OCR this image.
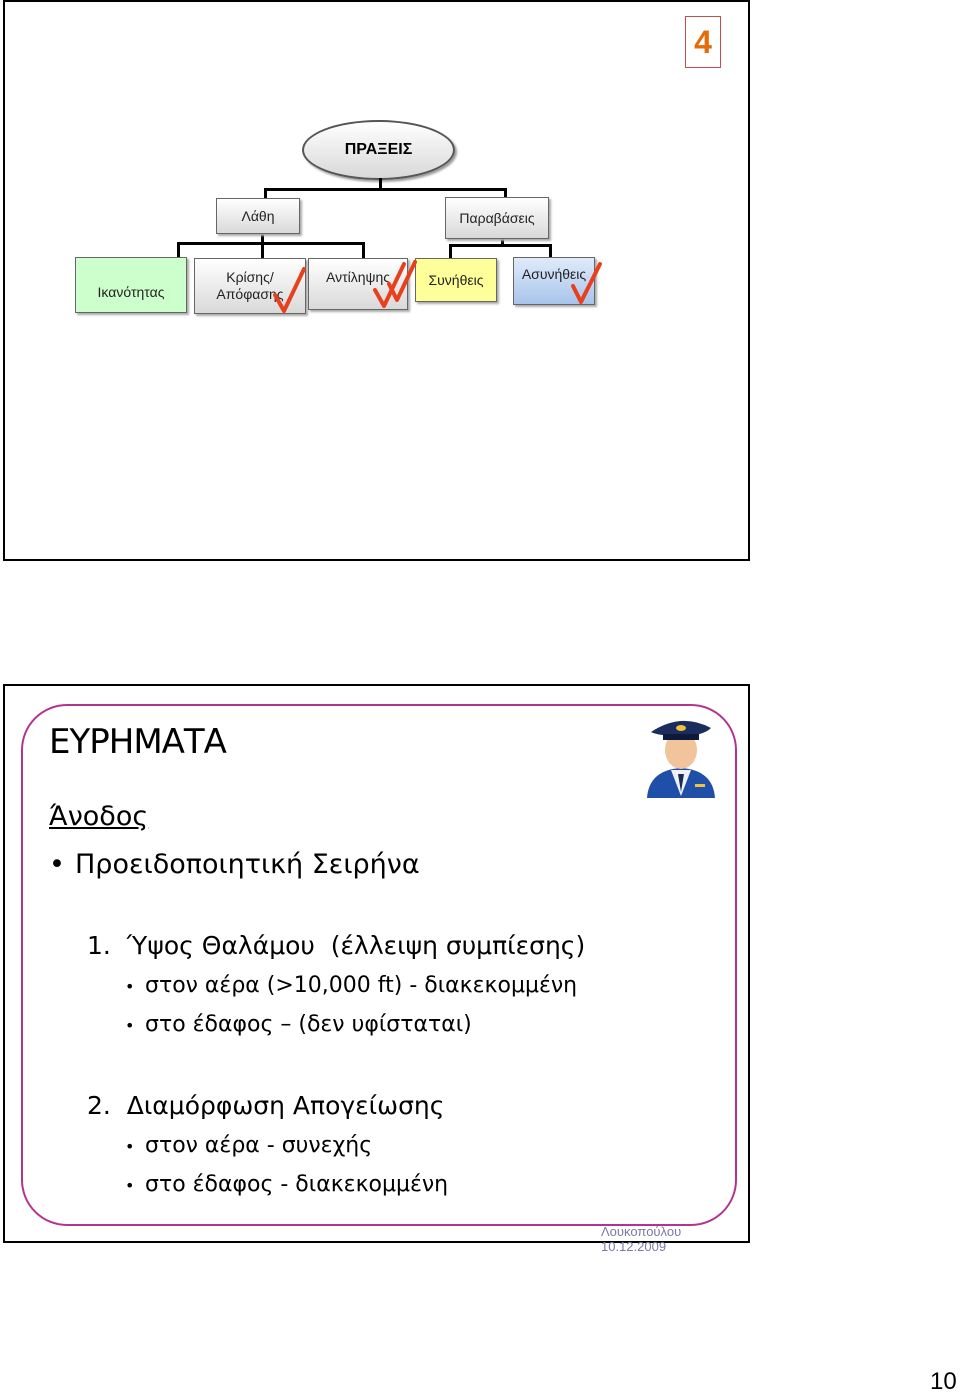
4
ΠΡΑΞΕΙΣ
Λάθη	Παραβάσεις
Ικανότητας
Κρίσης/ Απόφασης
Αντίληψης	Συνήθεις	Ασυνήθεις
ΕΥΡΗΜΑΤΑ
Άνοδος
• Προειδοποιητική Σειρήνα
1.  Ύψος Θαλάμου  (έλλειψη συμπίεσης)
• στον αέρα (>10,000 ft) - διακεκομμένη
• στο έδαφος – (δεν υφίσταται)
2.  Διαμόρφωση Απογείωσης
• στον αέρα - συνεχής
• στο έδαφος - διακεκομμένη
Λουκοπούλου 10.12.2009
10
